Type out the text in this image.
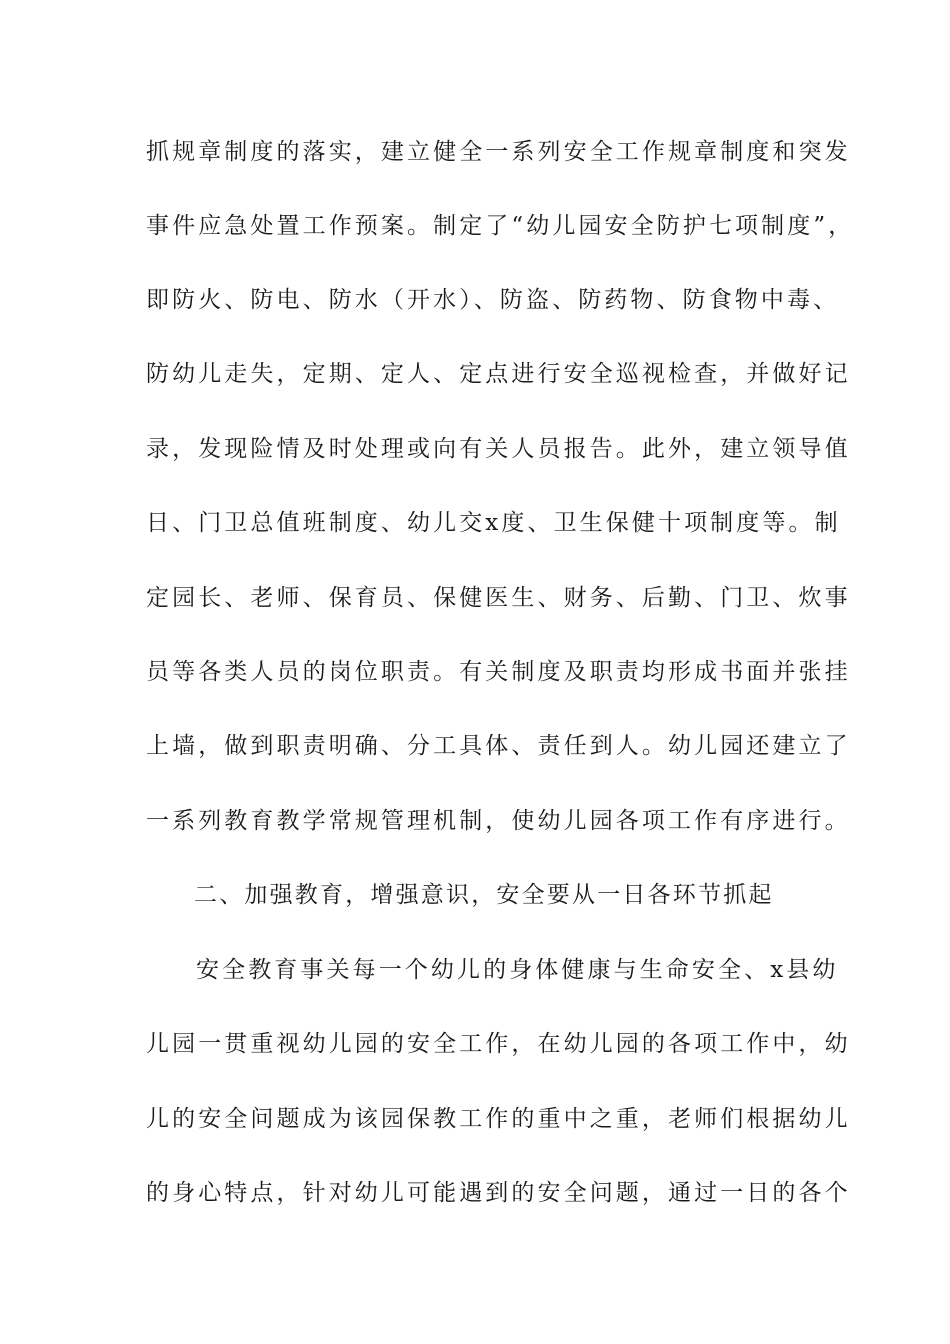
抓规章制度的落实，建立健全一系列安全工作规章制度和突发
事件应急处置工作预案。制定了“幼儿园安全防护七项制度”，
即防火、防电、防水（开水）、防盗、防药物、防食物中毒、
防幼儿走失，定期、定人、定点进行安全巡视检查，并做好记
录，发现险情及时处理或向有关人员报告。此外，建立领导值
日、门卫总值班制度、幼儿交x度、卫生保健十项制度等。制
定园长、老师、保育员、保健医生、财务、后勤、门卫、炊事
员等各类人员的岗位职责。有关制度及职责均形成书面并张挂
上墙，做到职责明确、分工具体、责任到人。幼儿园还建立了
一系列教育教学常规管理机制，使幼儿园各项工作有序进行。
二、加强教育，增强意识，安全要从一日各环节抓起
安全教育事关每一个幼儿的身体健康与生命安全、x县幼
儿园一贯重视幼儿园的安全工作，在幼儿园的各项工作中，幼
儿的安全问题成为该园保教工作的重中之重，老师们根据幼儿
的身心特点，针对幼儿可能遇到的安全问题，通过一日的各个
